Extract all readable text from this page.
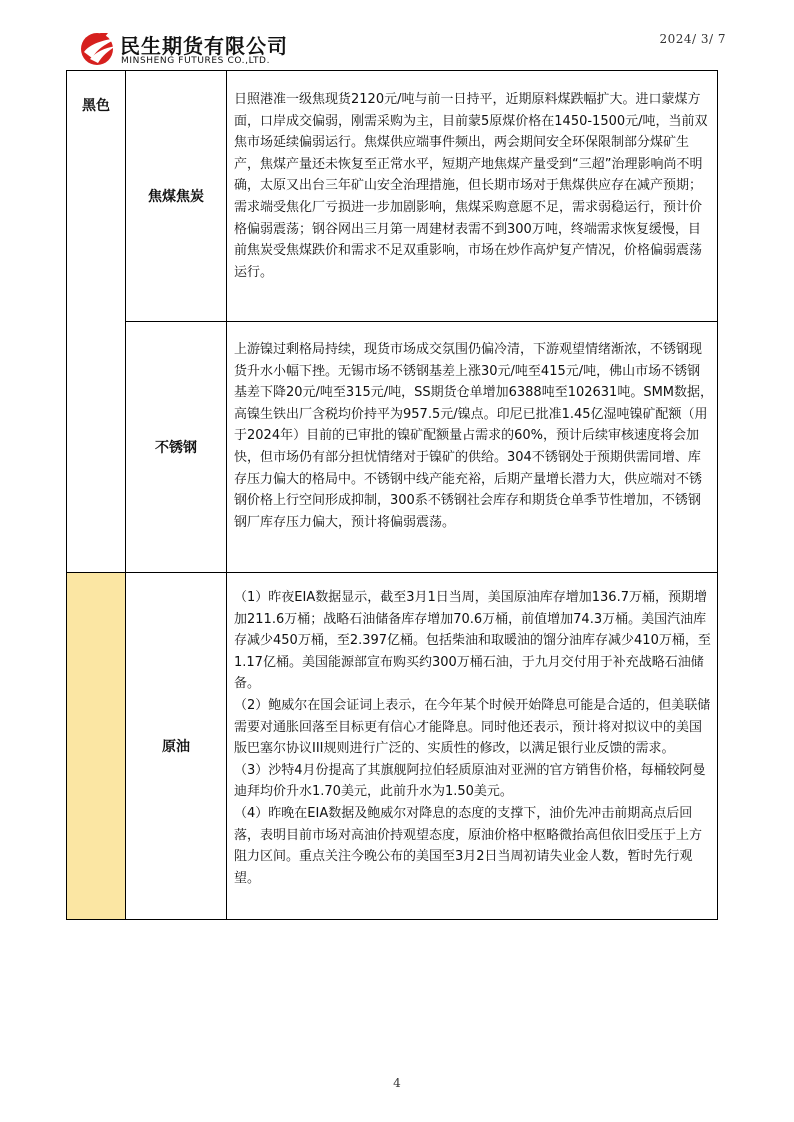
民生期货有限公司
MINSHENG FUTURES CO.,LTD.
2024/ 3/ 7
黑色	焦煤焦炭	日照港准一级焦现货2120元/吨与前一日持平，近期原料煤跌幅扩大。进口蒙煤方面，口岸成交偏弱，刚需采购为主，目前蒙5原煤价格在1450-1500元/吨，当前双焦市场延续偏弱运行。焦煤供应端事件频出，两会期间安全环保限制部分煤矿生产，焦煤产量还未恢复至正常水平，短期产地焦煤产量受到“三超”治理影响尚不明确，太原又出台三年矿山安全治理措施，但长期市场对于焦煤供应存在减产预期；需求端受焦化厂亏损进一步加剧影响，焦煤采购意愿不足，需求弱稳运行，预计价格偏弱震荡；钢谷网出三月第一周建材表需不到300万吨，终端需求恢复缓慢，目前焦炭受焦煤跌价和需求不足双重影响，市场在炒作高炉复产情况，价格偏弱震荡运行。

	不锈钢	上游镍过剩格局持续，现货市场成交氛围仍偏冷清，下游观望情绪渐浓，不锈钢现货升水小幅下挫。无锡市场不锈钢基差上涨30元/吨至415元/吨，佛山市场不锈钢基差下降20元/吨至315元/吨，SS期货仓单增加6388吨至102631吨。SMM数据，高镍生铁出厂含税均价持平为957.5元/镍点。印尼已批准1.45亿湿吨镍矿配额（用于2024年）目前的已审批的镍矿配额量占需求的60%，预计后续审核速度将会加快，但市场仍有部分担忧情绪对于镍矿的供给。304不锈钢处于预期供需同增、库存压力偏大的格局中。不锈钢中线产能充裕，后期产量增长潜力大，供应端对不锈钢价格上行空间形成抑制，300系不锈钢社会库存和期货仓单季节性增加，不锈钢钢厂库存压力偏大，预计将偏弱震荡。

	原油	（1）昨夜EIA数据显示，截至3月1日当周，美国原油库存增加136.7万桶，预期增加211.6万桶；战略石油储备库存增加70.6万桶，前值增加74.3万桶。美国汽油库存减少450万桶，至2.397亿桶。包括柴油和取暖油的馏分油库存减少410万桶，至1.17亿桶。美国能源部宣布购买约300万桶石油，于九月交付用于补充战略石油储备。
（2）鲍威尔在国会证词上表示，在今年某个时候开始降息可能是合适的，但美联储需要对通胀回落至目标更有信心才能降息。同时他还表示，预计将对拟议中的美国版巴塞尔协议III规则进行广泛的、实质性的修改，以满足银行业反馈的需求。
（3）沙特4月份提高了其旗舰阿拉伯轻质原油对亚洲的官方销售价格，每桶较阿曼迪拜均价升水1.70美元，此前升水为1.50美元。
（4）昨晚在EIA数据及鲍威尔对降息的态度的支撑下，油价先冲击前期高点后回落，表明目前市场对高油价持观望态度，原油价格中枢略微抬高但依旧受压于上方阻力区间。重点关注今晚公布的美国至3月2日当周初请失业金人数，暂时先行观望。
4
